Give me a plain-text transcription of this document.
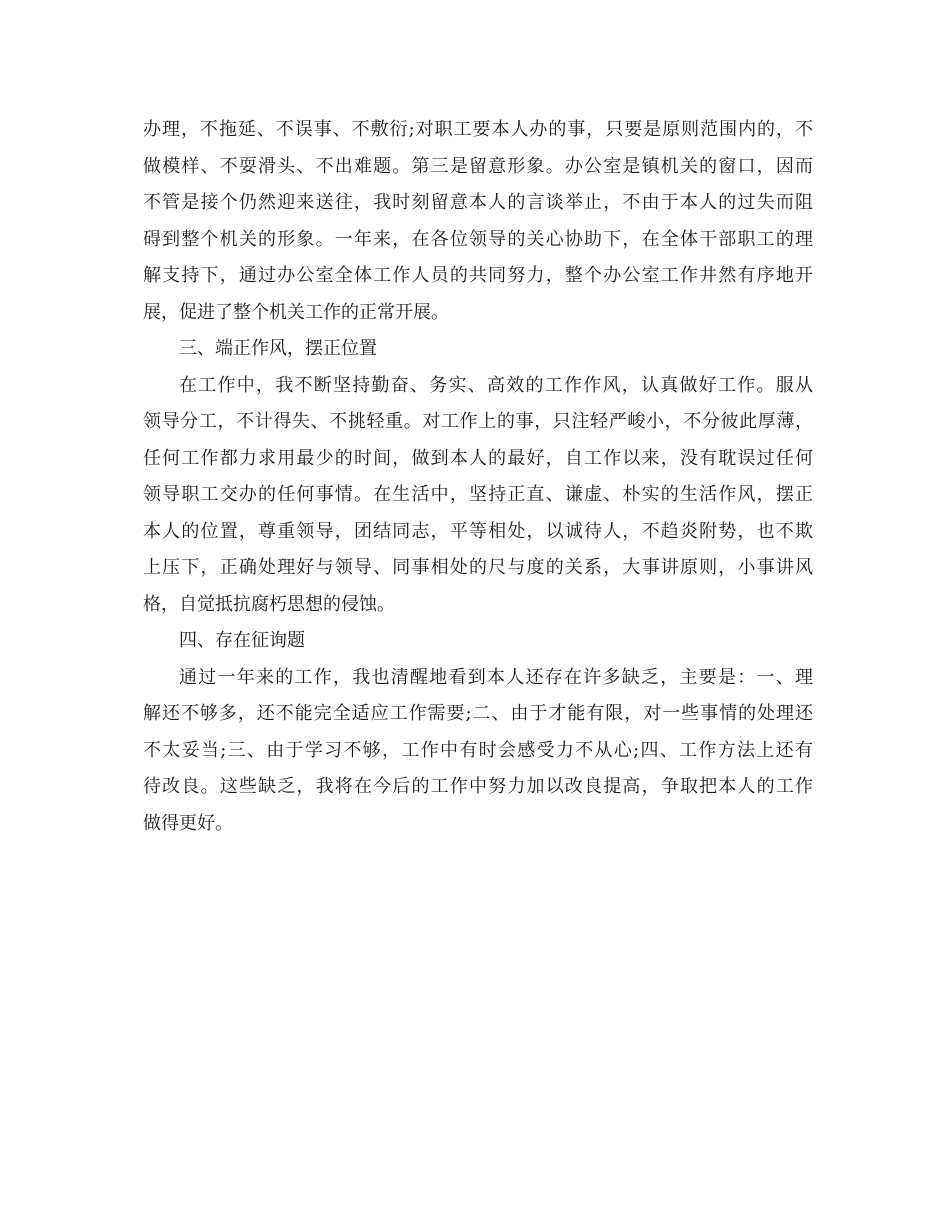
办理，不拖延、不误事、不敷衍;对职工要本人办的事，只要是原则范围内的，不
做模样、不耍滑头、不出难题。第三是留意形象。办公室是镇机关的窗口，因而
不管是接个仍然迎来送往，我时刻留意本人的言谈举止，不由于本人的过失而阻
碍到整个机关的形象。一年来，在各位领导的关心协助下，在全体干部职工的理
解支持下，通过办公室全体工作人员的共同努力，整个办公室工作井然有序地开
展，促进了整个机关工作的正常开展。
三、端正作风，摆正位置
在工作中，我不断坚持勤奋、务实、高效的工作作风，认真做好工作。服从
领导分工，不计得失、不挑轻重。对工作上的事，只注轻严峻小，不分彼此厚薄，
任何工作都力求用最少的时间，做到本人的最好，自工作以来，没有耽误过任何
领导职工交办的任何事情。在生活中，坚持正直、谦虚、朴实的生活作风，摆正
本人的位置，尊重领导，团结同志，平等相处，以诚待人，不趋炎附势，也不欺
上压下，正确处理好与领导、同事相处的尺与度的关系，大事讲原则，小事讲风
格，自觉抵抗腐朽思想的侵蚀。
四、存在征询题
通过一年来的工作，我也清醒地看到本人还存在许多缺乏，主要是：一、理
解还不够多，还不能完全适应工作需要;二、由于才能有限，对一些事情的处理还
不太妥当;三、由于学习不够，工作中有时会感受力不从心;四、工作方法上还有
待改良。这些缺乏，我将在今后的工作中努力加以改良提高，争取把本人的工作
做得更好。
